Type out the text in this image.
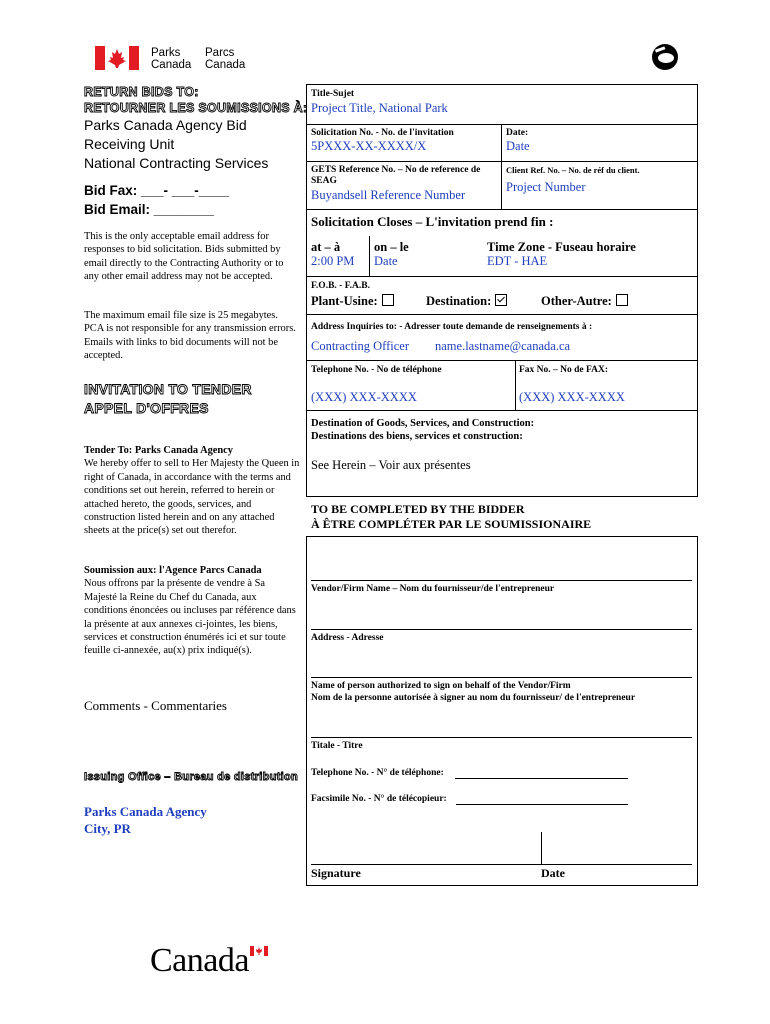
Parks
Canada
Parcs
Canada
RETURN BIDS TO:
RETOURNER LES SOUMISSIONS À:
Parks Canada Agency Bid
Receiving Unit
National Contracting Services
Bid Fax: ___- ___-____
Bid Email: ________
This is the only acceptable email address for responses to bid solicitation. Bids submitted by email directly to the Contracting Authority or to any other email address may not be accepted.
The maximum email file size is 25 megabytes. PCA is not responsible for any transmission errors. Emails with links to bid documents will not be accepted.
INVITATION TO TENDER
APPEL D'OFFRES
Tender To: Parks Canada Agency
We hereby offer to sell to Her Majesty the Queen in right of Canada, in accordance with the terms and conditions set out herein, referred to herein or attached hereto, the goods, services, and construction listed herein and on any attached sheets at the price(s) set out therefor.
Soumission aux: l'Agence Parcs Canada
Nous offrons par la présente de vendre à Sa Majesté la Reine du Chef du Canada, aux conditions énoncées ou incluses par référence dans la présente at aux annexes ci-jointes, les biens, services et construction énumérés ici et sur toute feuille ci-annexée, au(x) prix indiqué(s).
Comments - Commentaries
Issuing Office – Bureau de distribution
Parks Canada Agency
City, PR
Title-Sujet
Project Title, National Park
Solicitation No. - No. de l'invitation
5PXXX-XX-XXXX/X
Date:
Date
GETS Reference No. – No de reference de SEAG
Buyandsell Reference Number
Client Ref. No. – No. de réf du client.
Project Number
Solicitation Closes – L'invitation prend fin :
at – à
2:00 PM
on – le
Date
Time Zone - Fuseau horaire
EDT - HAE
F.O.B. - F.A.B.
Plant-Usine:	Destination:	Other-Autre:
Address Inquiries to: - Adresser toute demande de renseignements à :
Contracting Officer name.lastname@canada.ca
Telephone No. - No de téléphone
(XXX) XXX-XXXX
Fax No. – No de FAX:
(XXX) XXX-XXXX
Destination of Goods, Services, and Construction:
Destinations des biens, services et construction:
See Herein – Voir aux présentes
TO BE COMPLETED BY THE BIDDER
À ÊTRE COMPLÉTER PAR LE SOUMISSIONAIRE
Vendor/Firm Name – Nom du fournisseur/de l'entrepreneur
Address - Adresse
Name of person authorized to sign on behalf of the Vendor/Firm
Nom de la personne autorisée à signer au nom du fournisseur/ de l'entrepreneur
Titale - Titre
Telephone No. - N° de téléphone:
Facsimile No. - N° de télécopieur:
Signature	Date
Canada
